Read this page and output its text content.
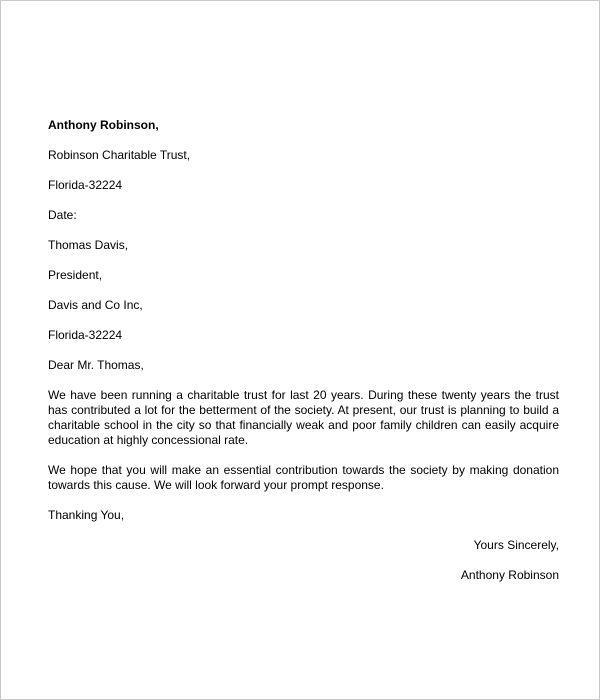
Anthony Robinson,

Robinson Charitable Trust,

Florida-32224

Date:

Thomas Davis,

President,

Davis and Co Inc,

Florida-32224

Dear Mr. Thomas,

We have been running a charitable trust for last 20 years. During these twenty years the trust has contributed a lot for the betterment of the society. At present, our trust is planning to build a charitable school in the city so that financially weak and poor family children can easily acquire education at highly concessional rate.

We hope that you will make an essential contribution towards the society by making donation towards this cause. We will look forward your prompt response.

Thanking You,

Yours Sincerely,

Anthony Robinson
